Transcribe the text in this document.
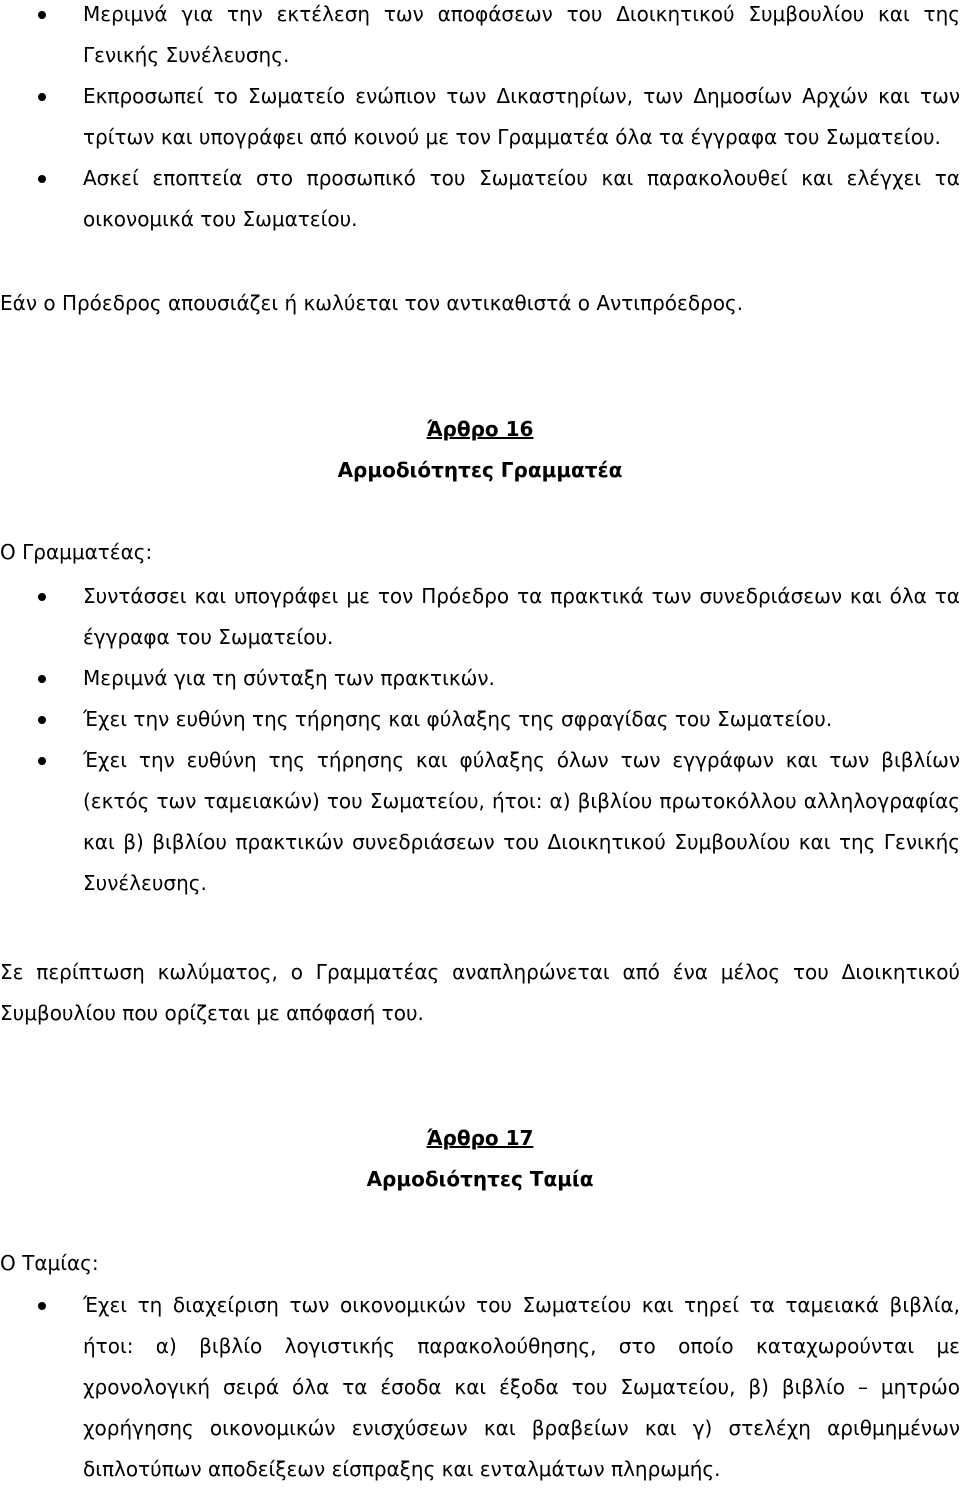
Μεριμνά για την εκτέλεση των αποφάσεων του Διοικητικού Συμβουλίου και της Γενικής Συνέλευσης.
Εκπροσωπεί το Σωματείο ενώπιον των Δικαστηρίων, των Δημοσίων Αρχών και των τρίτων και υπογράφει από κοινού με τον Γραμματέα όλα τα έγγραφα του Σωματείου.
Ασκεί εποπτεία στο προσωπικό του Σωματείου και παρακολουθεί και ελέγχει τα οικονομικά του Σωματείου.

Εάν ο Πρόεδρος απουσιάζει ή κωλύεται τον αντικαθιστά ο Αντιπρόεδρος.

Άρθρο 16

Αρμοδιότητες Γραμματέα

Ο Γραμματέας:

Συντάσσει και υπογράφει με τον Πρόεδρο τα πρακτικά των συνεδριάσεων και όλα τα έγγραφα του Σωματείου.
Μεριμνά για τη σύνταξη των πρακτικών.
Έχει την ευθύνη της τήρησης και φύλαξης της σφραγίδας του Σωματείου.
Έχει την ευθύνη της τήρησης και φύλαξης όλων των εγγράφων και των βιβλίων (εκτός των ταμειακών) του Σωματείου, ήτοι: α) βιβλίου πρωτοκόλλου αλληλογραφίας και β) βιβλίου πρακτικών συνεδριάσεων του Διοικητικού Συμβουλίου και της Γενικής Συνέλευσης.

Σε περίπτωση κωλύματος, ο Γραμματέας αναπληρώνεται από ένα μέλος του Διοικητικού Συμβουλίου που ορίζεται με απόφασή του.

Άρθρο 17

Αρμοδιότητες Ταμία

Ο Ταμίας:

Έχει τη διαχείριση των οικονομικών του Σωματείου και τηρεί τα ταμειακά βιβλία, ήτοι: α) βιβλίο λογιστικής παρακολούθησης, στο οποίο καταχωρούνται με χρονολογική σειρά όλα τα έσοδα και έξοδα του Σωματείου, β) βιβλίο – μητρώο χορήγησης οικονομικών ενισχύσεων και βραβείων και γ) στελέχη αριθμημένων διπλοτύπων αποδείξεων είσπραξης και ενταλμάτων πληρωμής.
